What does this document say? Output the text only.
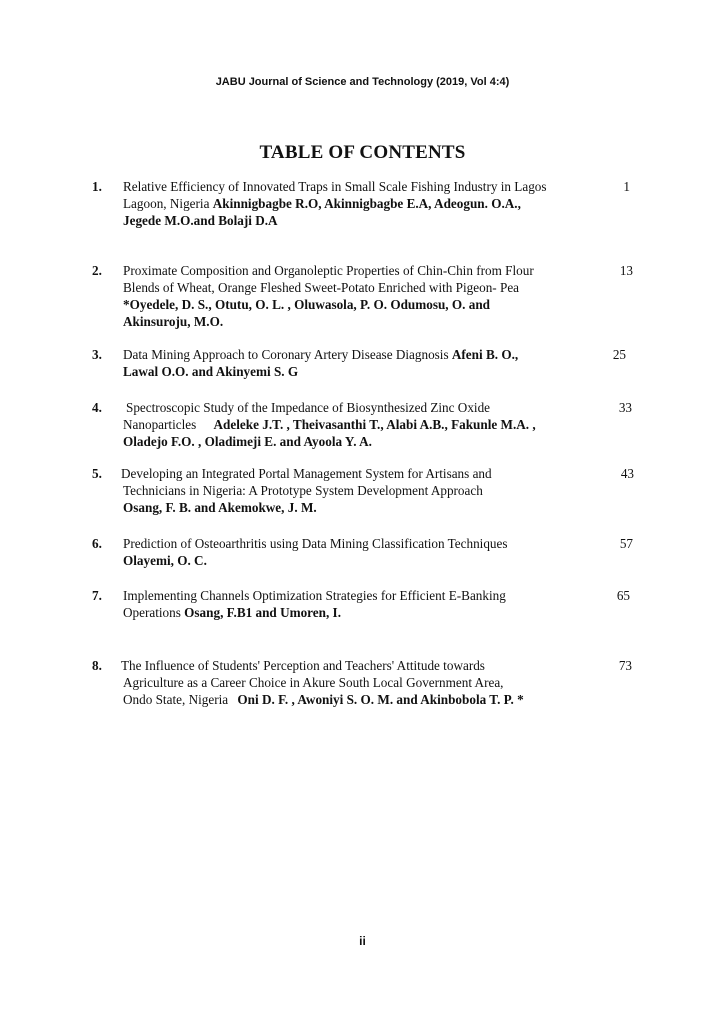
JABU Journal of Science and Technology (2019, Vol 4:4)
TABLE OF CONTENTS
1. Relative Efficiency of Innovated Traps in Small Scale Fishing Industry in Lagos
Lagoon, Nigeria Akinnigbagbe R.O, Akinnigbagbe E.A, Adeogun. O.A.,
Jegede M.O.and Bolaji D.A
1
2. Proximate Composition and Organoleptic Properties of Chin-Chin from Flour
Blends of Wheat, Orange Fleshed Sweet-Potato Enriched with Pigeon- Pea
*Oyedele, D. S., Otutu, O. L. , Oluwasola, P. O. Odumosu, O. and
Akinsuroju, M.O.
13
3. Data Mining Approach to Coronary Artery Disease Diagnosis Afeni B. O.,
Lawal O.O. and Akinyemi S. G
25
4. Spectroscopic Study of the Impedance of Biosynthesized Zinc Oxide
Nanoparticles Adeleke J.T. , Theivasanthi T., Alabi A.B., Fakunle M.A. ,
Oladejo F.O. , Oladimeji E. and Ayoola Y. A.
33
5. Developing an Integrated Portal Management System for Artisans and
Technicians in Nigeria: A Prototype System Development Approach
Osang, F. B. and Akemokwe, J. M.
43
6. Prediction of Osteoarthritis using Data Mining Classification Techniques
Olayemi, O. C.
57
7. Implementing Channels Optimization Strategies for Efficient E-Banking
Operations Osang, F.B1 and Umoren, I.
65
8. The Influence of Students' Perception and Teachers' Attitude towards
Agriculture as a Career Choice in Akure South Local Government Area,
Ondo State, Nigeria Oni D. F. , Awoniyi S. O. M. and Akinbobola T. P. *
73
ii
